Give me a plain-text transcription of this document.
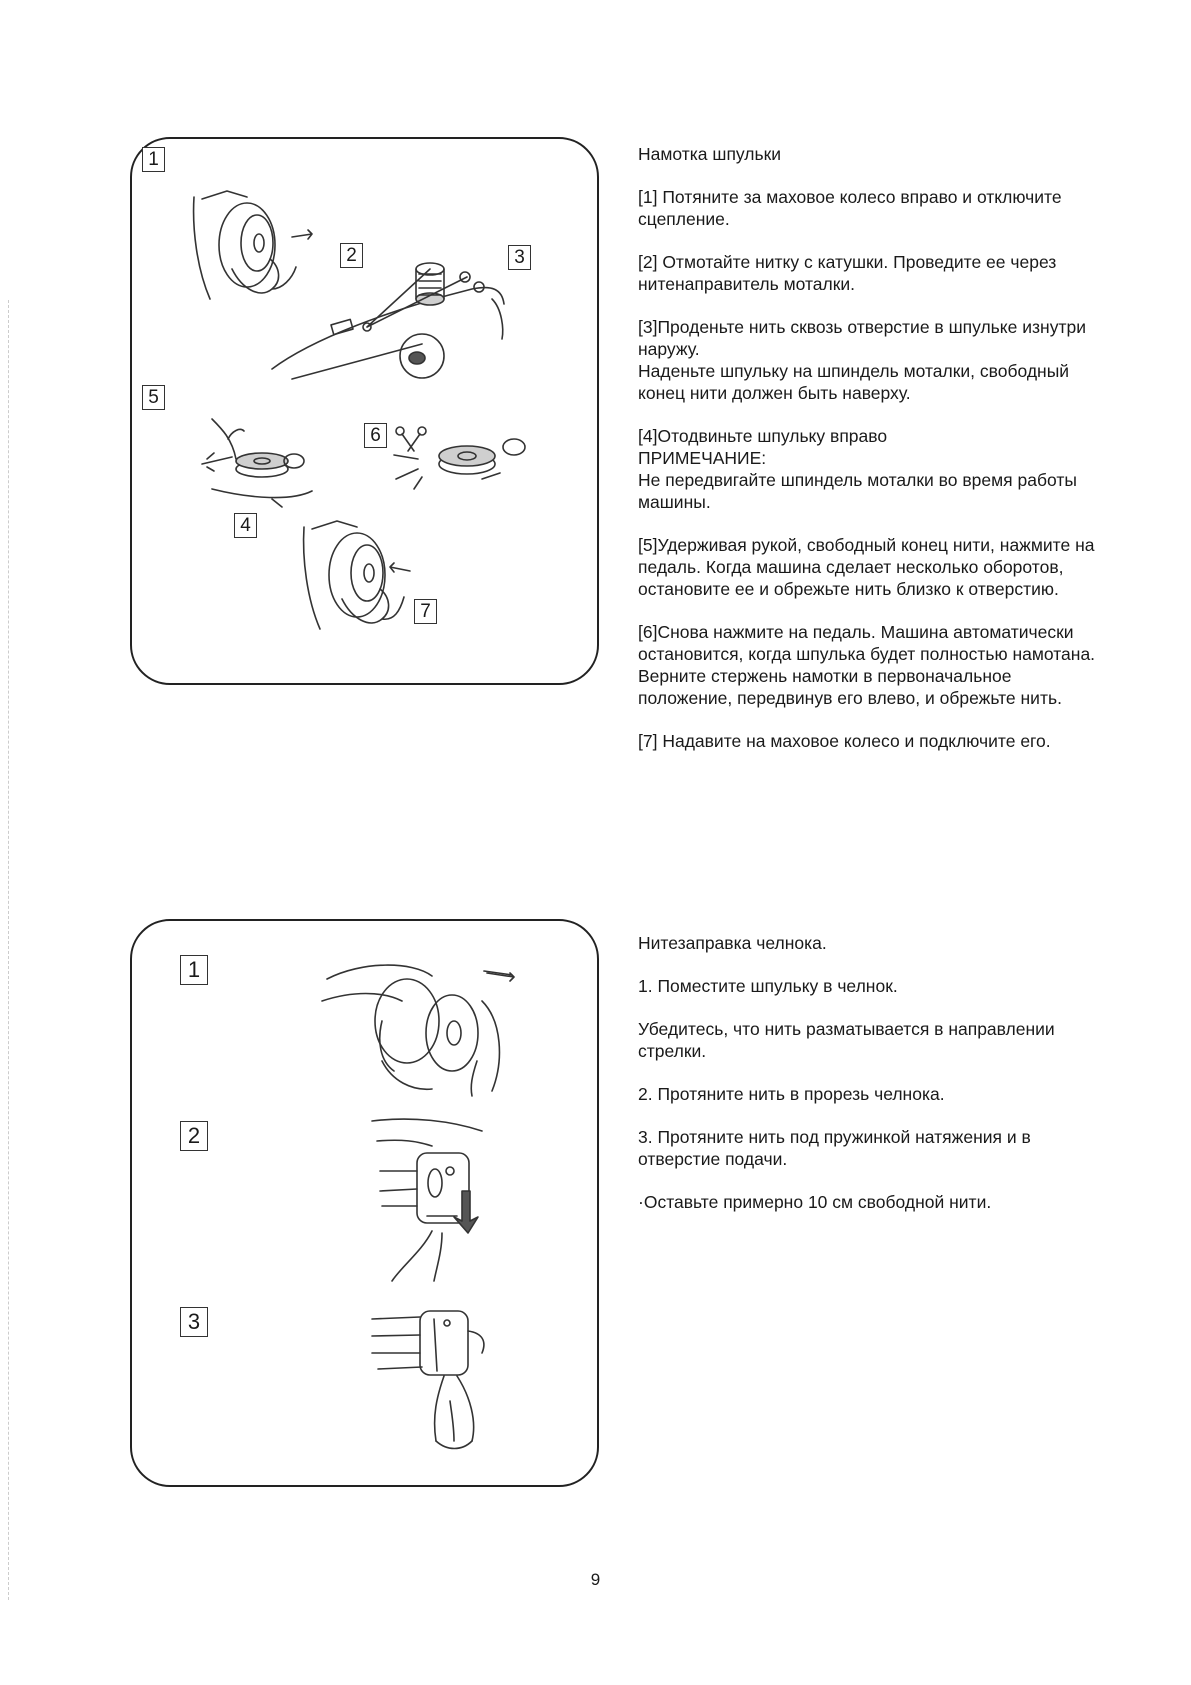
1
2	3
5
6
4
7

Намотка шпульки

[1] Потяните за маховое колесо вправо и отключите сцепление.

[2] Отмотайте нитку с катушки. Проведите ее через нитенаправитель моталки.

[3]Проденьте нить сквозь отверстие в шпульке изнутри наружу.
Наденьте шпульку на шпиндель моталки, свободный конец нити должен быть наверху.

[4]Отодвиньте шпульку вправо
ПРИМЕЧАНИЕ:
Не передвигайте шпиндель моталки во время работы машины.

[5]Удерживая рукой, свободный конец нити, нажмите на педаль. Когда машина сделает несколько оборотов, остановите ее и обрежьте нить близко к отверстию.

[6]Снова нажмите на педаль. Машина автоматически остановится, когда шпулька будет полностью намотана.
Верните стержень намотки в первоначальное положение, передвинув его влево, и обрежьте нить.

[7] Надавите на маховое колесо и подключите его.

1
2
3

Нитезаправка челнока.

1. Поместите шпульку в челнок.

Убедитесь, что нить разматывается в направлении стрелки.

2. Протяните нить в прорезь челнока.

3. Протяните нить под пружинкой натяжения и в отверстие подачи.

·Оставьте примерно 10 см свободной нити.

9
